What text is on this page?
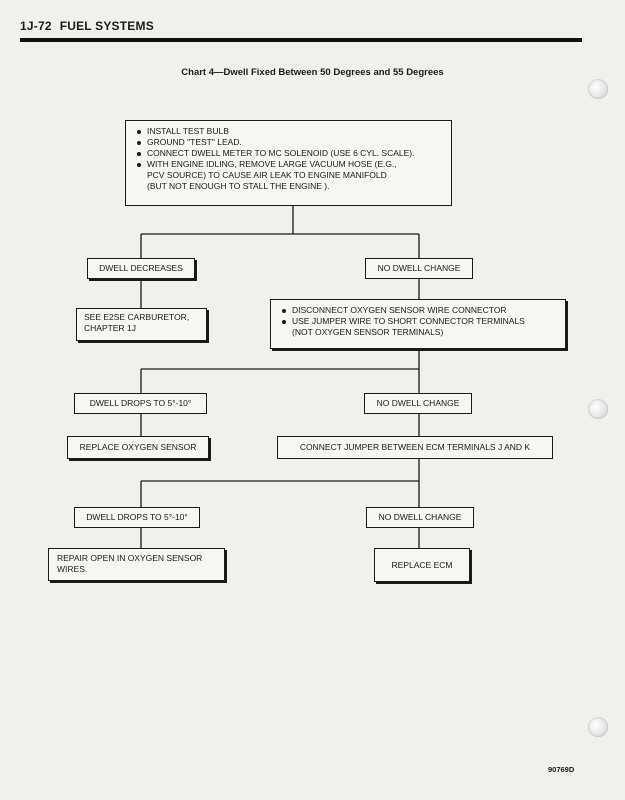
1J-72 FUEL SYSTEMS
Chart 4—Dwell Fixed Between 50 Degrees and 55 Degrees
INSTALL TEST BULB
GROUND "TEST" LEAD.
CONNECT DWELL METER TO MC SOLENOID (USE 6 CYL. SCALE).
WITH ENGINE IDLING, REMOVE LARGE VACUUM HOSE (E.G.,
PCV SOURCE) TO CAUSE AIR LEAK TO ENGINE MANIFOLD
(BUT NOT ENOUGH TO STALL THE ENGINE ).
DWELL DECREASES	NO DWELL CHANGE
SEE E2SE CARBURETOR,
CHAPTER 1J
DISCONNECT OXYGEN SENSOR WIRE CONNECTOR
USE JUMPER WIRE TO SHORT CONNECTOR TERMINALS
(NOT OXYGEN SENSOR TERMINALS)
DWELL DROPS TO 5°-10°	NO DWELL CHANGE
REPLACE OXYGEN SENSOR	CONNECT JUMPER BETWEEN ECM TERMINALS J AND K
DWELL DROPS TO 5°-10°	NO DWELL CHANGE
REPAIR OPEN IN OXYGEN SENSOR
WIRES.	REPLACE ECM
90769D
